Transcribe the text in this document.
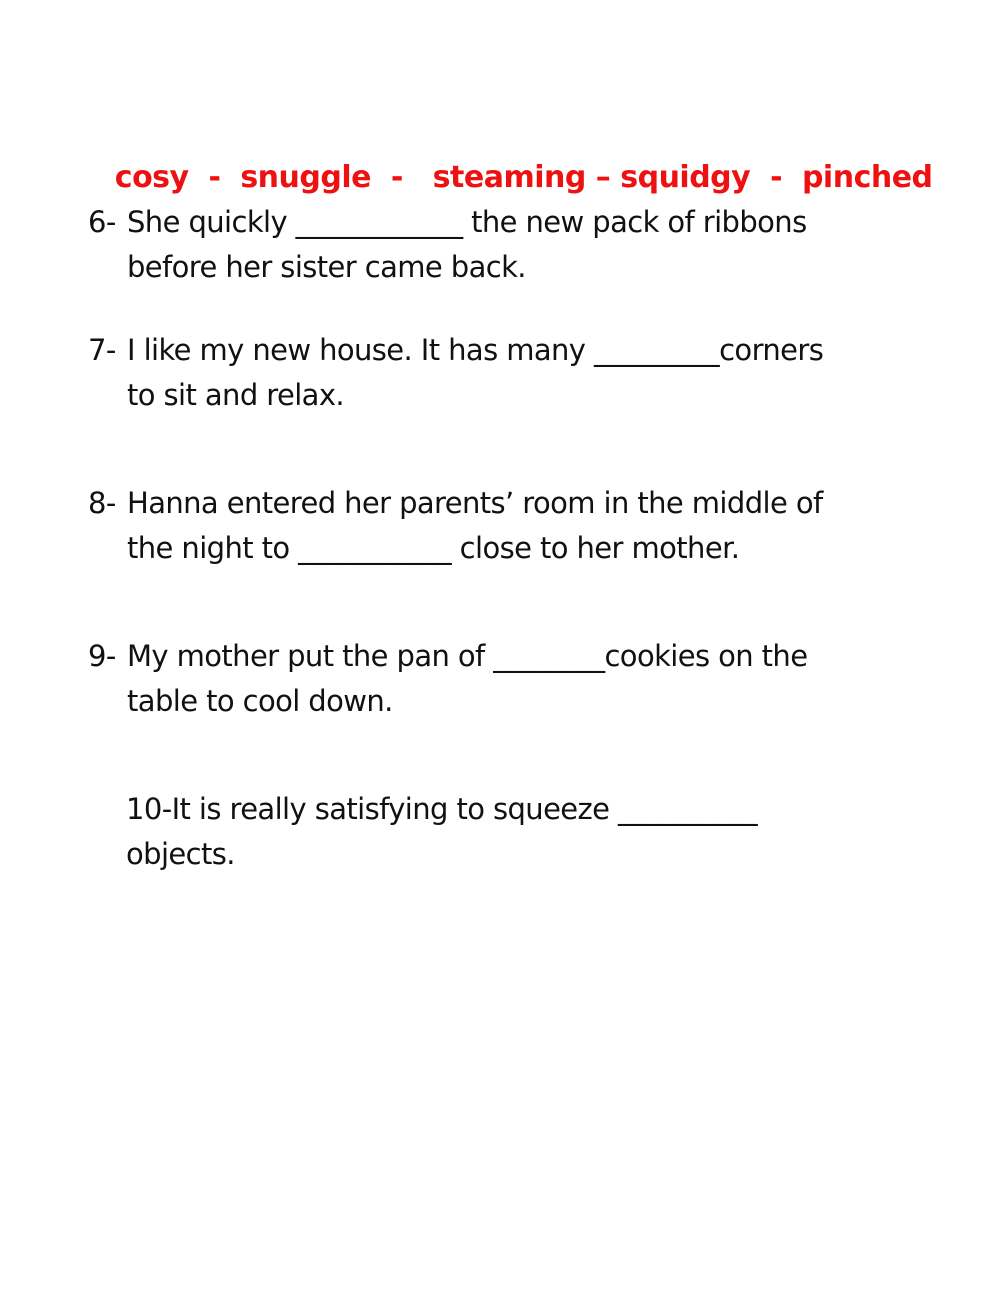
cosy  -  snuggle  -   steaming – squidgy  -  pinched

6- She quickly ____________ the new pack of ribbons
before her sister came back.
7- I like my new house. It has many _________corners
to sit and relax.
8- Hanna entered her parents’ room in the middle of
the night to ___________ close to her mother.
9- My mother put the pan of ________cookies on the
table to cool down.
10-It is really satisfying to squeeze __________
objects.
